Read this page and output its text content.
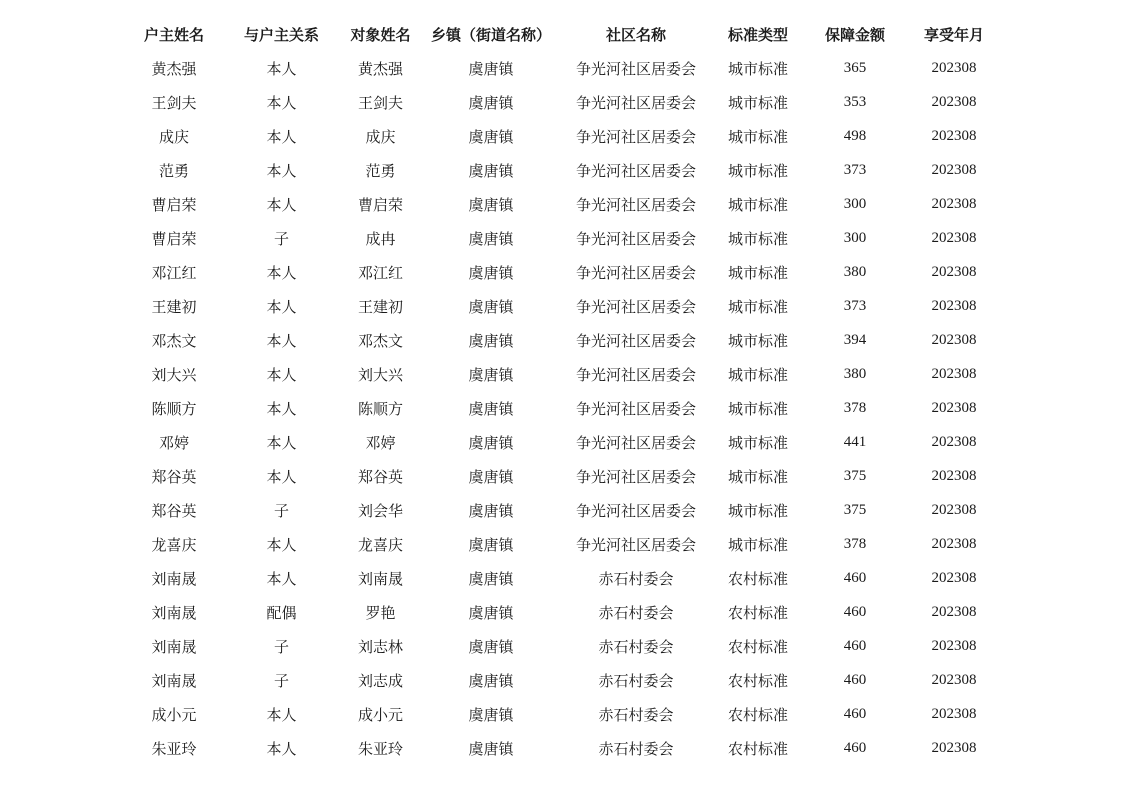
户主姓名	与户主关系	对象姓名	乡镇（街道名称）	社区名称	标准类型	保障金额	享受年月
黄杰强	本人	黄杰强	虞唐镇	争光河社区居委会	城市标准	365	202308
王剑夫	本人	王剑夫	虞唐镇	争光河社区居委会	城市标准	353	202308
成庆	本人	成庆	虞唐镇	争光河社区居委会	城市标准	498	202308
范勇	本人	范勇	虞唐镇	争光河社区居委会	城市标准	373	202308
曹启荣	本人	曹启荣	虞唐镇	争光河社区居委会	城市标准	300	202308
曹启荣	子	成冉	虞唐镇	争光河社区居委会	城市标准	300	202308
邓江红	本人	邓江红	虞唐镇	争光河社区居委会	城市标准	380	202308
王建初	本人	王建初	虞唐镇	争光河社区居委会	城市标准	373	202308
邓杰文	本人	邓杰文	虞唐镇	争光河社区居委会	城市标准	394	202308
刘大兴	本人	刘大兴	虞唐镇	争光河社区居委会	城市标准	380	202308
陈顺方	本人	陈顺方	虞唐镇	争光河社区居委会	城市标准	378	202308
邓婷	本人	邓婷	虞唐镇	争光河社区居委会	城市标准	441	202308
郑谷英	本人	郑谷英	虞唐镇	争光河社区居委会	城市标准	375	202308
郑谷英	子	刘会华	虞唐镇	争光河社区居委会	城市标准	375	202308
龙喜庆	本人	龙喜庆	虞唐镇	争光河社区居委会	城市标准	378	202308
刘南晟	本人	刘南晟	虞唐镇	赤石村委会	农村标准	460	202308
刘南晟	配偶	罗艳	虞唐镇	赤石村委会	农村标准	460	202308
刘南晟	子	刘志林	虞唐镇	赤石村委会	农村标准	460	202308
刘南晟	子	刘志成	虞唐镇	赤石村委会	农村标准	460	202308
成小元	本人	成小元	虞唐镇	赤石村委会	农村标准	460	202308
朱亚玲	本人	朱亚玲	虞唐镇	赤石村委会	农村标准	460	202308
